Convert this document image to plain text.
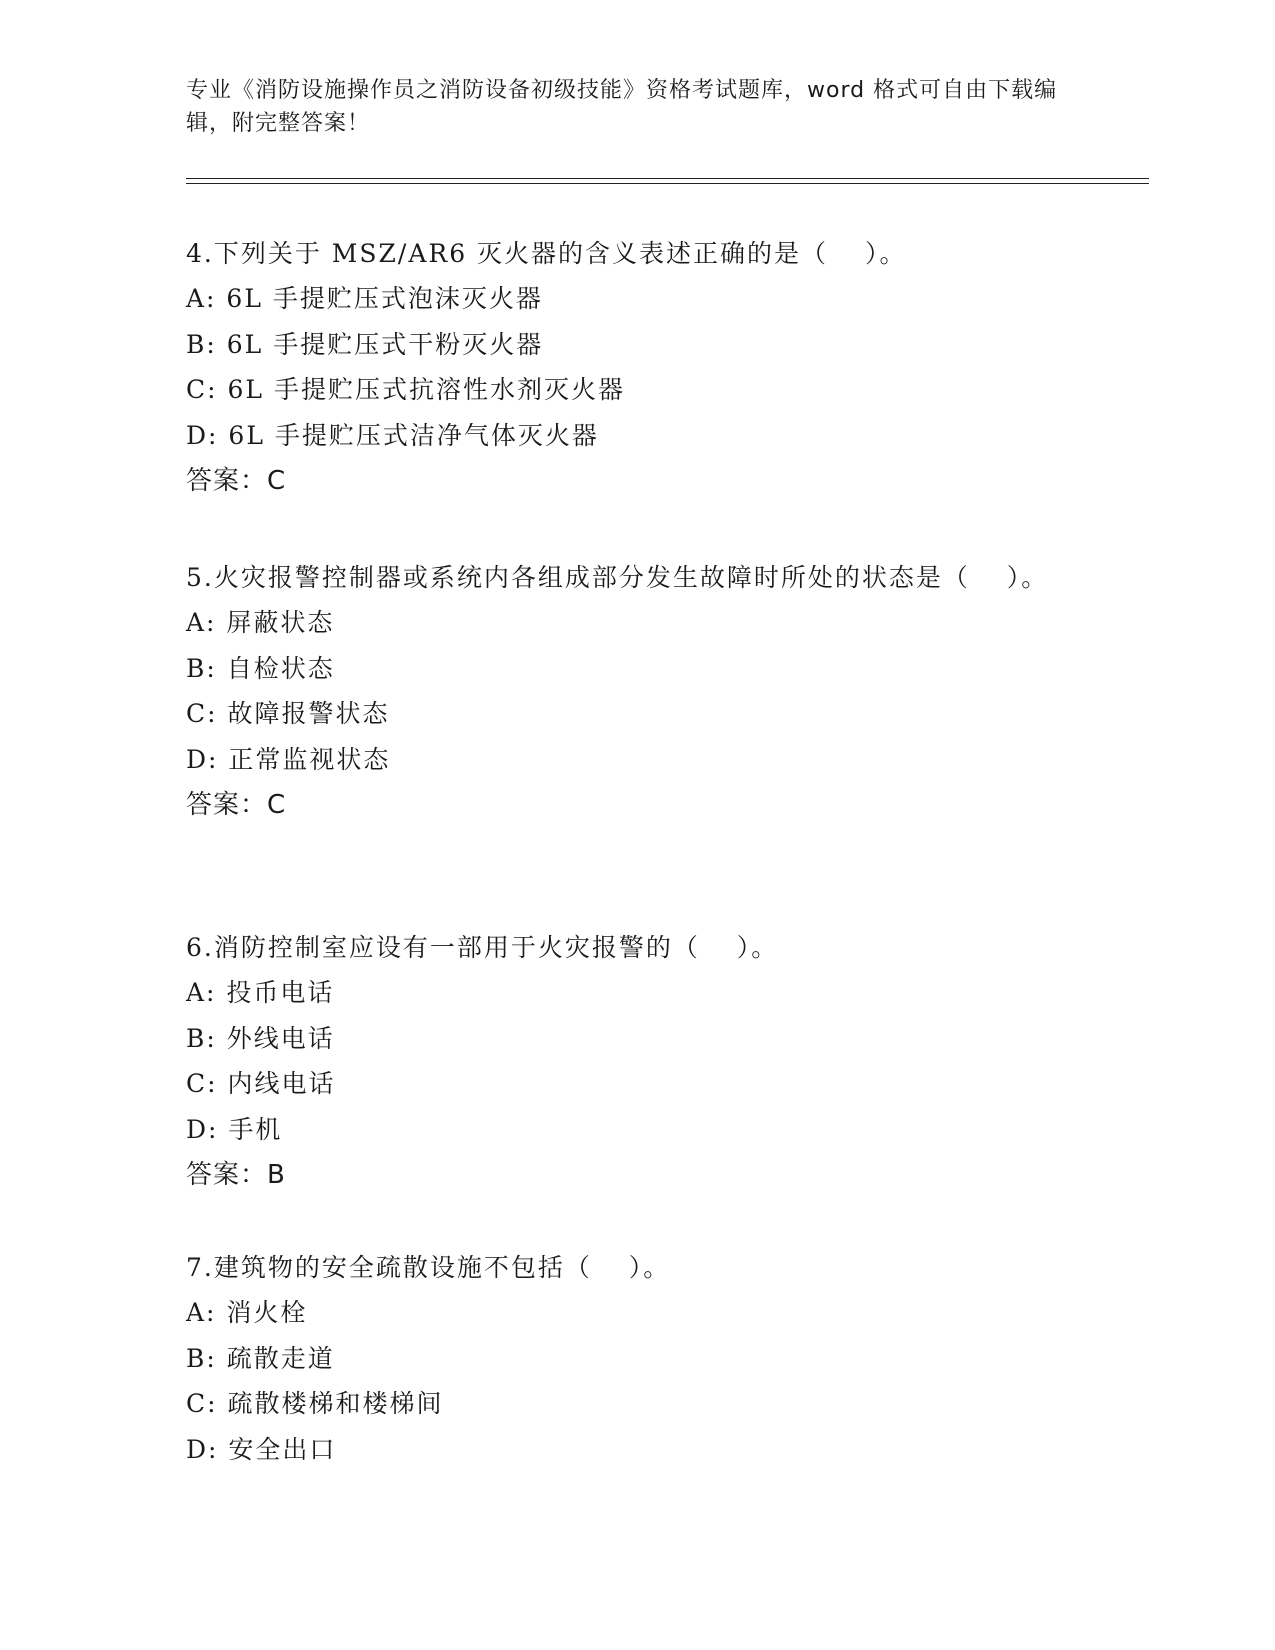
专业《消防设施操作员之消防设备初级技能》资格考试题库，word 格式可自由下载编辑，附完整答案！
4.下列关于 MSZ/AR6 灭火器的含义表述正确的是（　 ）。
A: 6L 手提贮压式泡沫灭火器
B: 6L 手提贮压式干粉灭火器
C: 6L 手提贮压式抗溶性水剂灭火器
D: 6L 手提贮压式洁净气体灭火器
答案：C
5.火灾报警控制器或系统内各组成部分发生故障时所处的状态是（　 ）。
A: 屏蔽状态
B: 自检状态
C: 故障报警状态
D: 正常监视状态
答案：C
6.消防控制室应设有一部用于火灾报警的（　 ）。
A: 投币电话
B: 外线电话
C: 内线电话
D: 手机
答案：B
7.建筑物的安全疏散设施不包括（　 ）。
A: 消火栓
B: 疏散走道
C: 疏散楼梯和楼梯间
D: 安全出口
